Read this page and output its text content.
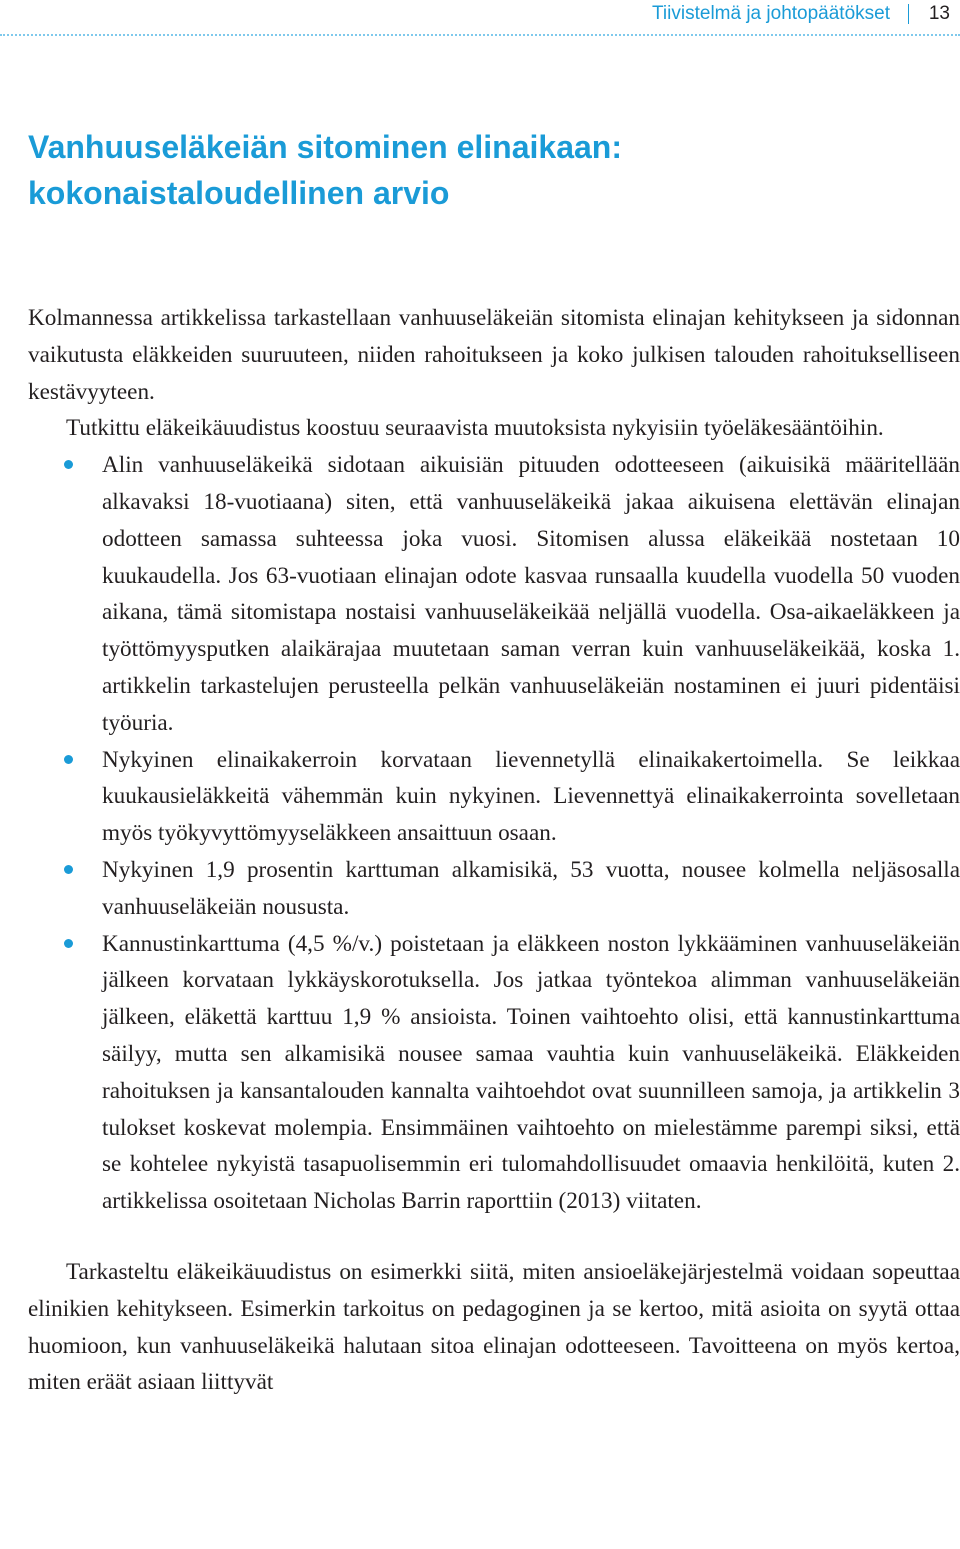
Tiivistelmä ja johtopäätökset 13
Vanhuuseläkeiän sitominen elinaikaan:
kokonaistaloudellinen arvio

Kolmannessa artikkelissa tarkastellaan vanhuuseläkeiän sitomista elinajan kehitykseen ja sidonnan vaikutusta eläkkeiden suuruuteen, niiden rahoitukseen ja koko julkisen talouden rahoitukselliseen kestävyyteen.

Tutkittu eläkeikäuudistus koostuu seuraavista muutoksista nykyisiin työeläkesääntöihin.

Alin vanhuuseläkeikä sidotaan aikuisiän pituuden odotteeseen (aikuisikä määritellään alkavaksi 18-vuotiaana) siten, että vanhuuseläkeikä jakaa aikuisena elettävän elinajan odotteen samassa suhteessa joka vuosi. Sitomisen alussa eläkeikää nostetaan 10 kuukaudella. Jos 63-vuotiaan elinajan odote kasvaa runsaalla kuudella vuodella 50 vuoden aikana, tämä sitomistapa nostaisi vanhuuseläkeikää neljällä vuodella. Osa-aikaeläkkeen ja työttömyysputken alaikärajaa muutetaan saman verran kuin vanhuuseläkeikää, koska 1. artikkelin tarkastelujen perusteella pelkän vanhuuseläkeiän nostaminen ei juuri pidentäisi työuria.
Nykyinen elinaikakerroin korvataan lievennetyllä elinaikakertoimella. Se leikkaa kuukausieläkkeitä vähemmän kuin nykyinen. Lievennettyä elinaikakerrointa sovelletaan myös työkyvyttömyyseläkkeen ansaittuun osaan.
Nykyinen 1,9 prosentin karttuman alkamisikä, 53 vuotta, nousee kolmella neljäsosalla vanhuuseläkeiän noususta.
Kannustinkarttuma (4,5 %/v.) poistetaan ja eläkkeen noston lykkääminen vanhuuseläkeiän jälkeen korvataan lykkäyskorotuksella. Jos jatkaa työntekoa alimman vanhuuseläkeiän jälkeen, eläkettä karttuu 1,9 % ansioista. Toinen vaihtoehto olisi, että kannustinkarttuma säilyy, mutta sen alkamisikä nousee samaa vauhtia kuin vanhuuseläkeikä. Eläkkeiden rahoituksen ja kansantalouden kannalta vaihtoehdot ovat suunnilleen samoja, ja artikkelin 3 tulokset koskevat molempia. Ensimmäinen vaihtoehto on mielestämme parempi siksi, että se kohtelee nykyistä tasapuolisemmin eri tulomahdollisuudet omaavia henkilöitä, kuten 2. artikkelissa osoitetaan Nicholas Barrin raporttiin (2013) viitaten.

Tarkasteltu eläkeikäuudistus on esimerkki siitä, miten ansioeläkejärjestelmä voidaan sopeuttaa elinikien kehitykseen. Esimerkin tarkoitus on pedagoginen ja se kertoo, mitä asioita on syytä ottaa huomioon, kun vanhuuseläkeikä halutaan sitoa elinajan odotteeseen. Tavoitteena on myös kertoa, miten eräät asiaan liittyvät
